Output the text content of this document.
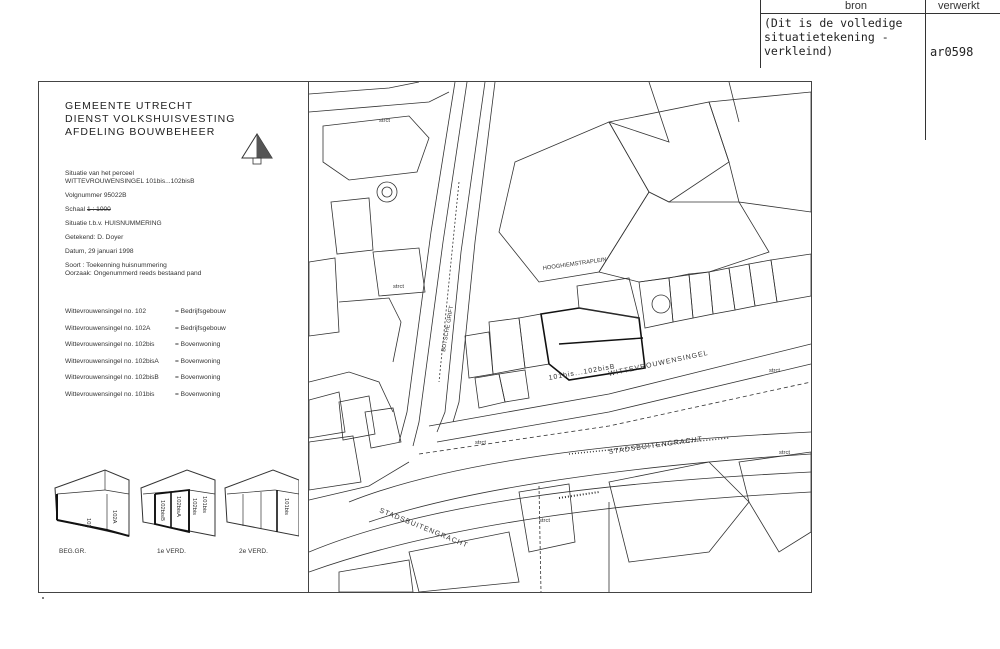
bron	verwerkt
(Dit is de volledige
situatietekening -
verkleind)	ar0598
GEMEENTE UTRECHT
DIENST VOLKSHUISVESTING
AFDELING BOUWBEHEER
Situatie van het perceel
WITTEVROUWENSINGEL 101bis...102bisB
Volgnummer 95022B
Schaal 1 : 1000
Situatie t.b.v. HUISNUMMERING
Getekend: D. Doyer
Datum, 29 januari 1998
Soort : Toekenning huisnummering
Oorzaak: Ongenummerd reeds bestaand pand
Wittevrouwensingel no. 102	= Bedrijfsgebouw
Wittevrouwensingel no. 102A	= Bedrijfsgebouw
Wittevrouwensingel no. 102bis	= Bovenwoning
Wittevrouwensingel no. 102bisA = Bovenwoning
Wittevrouwensingel no. 102bisB = Bovenwoning
Wittevrouwensingel no. 101bis	= Bovenwoning
102	102A	102bisB 102bisA 102bis 101bis	101bis
BEG.GR.	1e VERD.	2e VERD.
101bis...102bisB
WITTEVROUWENSINGEL
STADSBUITENGRACHT
STADSBUITENGRACHT
HOOGHIEMSTRAPLEIN
BUTSCHE GRIFT
strct
strct
strct
strct
strct
strct
